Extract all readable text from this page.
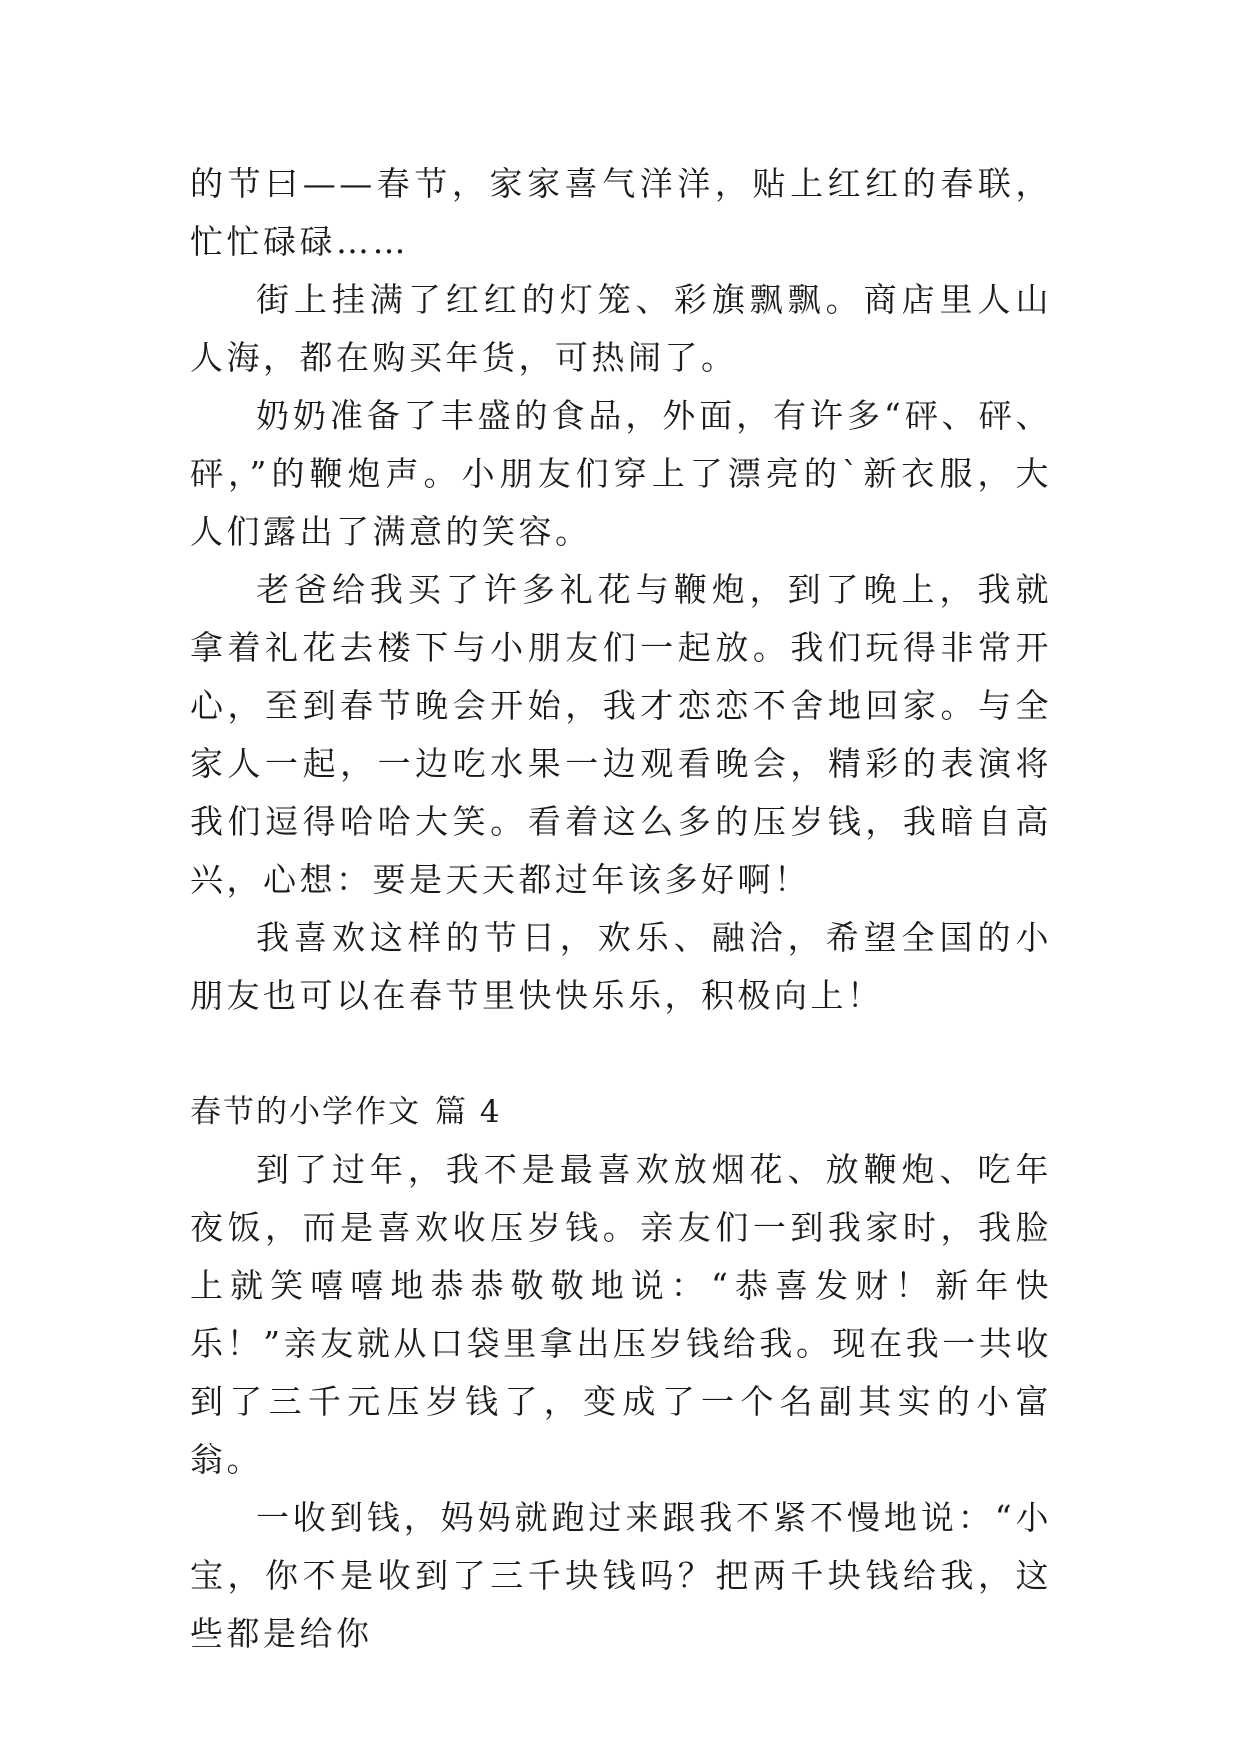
的节曰——春节，家家喜气洋洋，贴上红红的春联，忙忙碌碌……

街上挂满了红红的灯笼、彩旗飘飘。商店里人山人海，都在购买年货，可热闹了。

奶奶准备了丰盛的食品，外面，有许多“砰、砰、砰，”的鞭炮声。小朋友们穿上了漂亮的`新衣服，大人们露出了满意的笑容。

老爸给我买了许多礼花与鞭炮，到了晚上，我就拿着礼花去楼下与小朋友们一起放。我们玩得非常开心，至到春节晚会开始，我才恋恋不舍地回家。与全家人一起，一边吃水果一边观看晚会，精彩的表演将我们逗得哈哈大笑。看着这么多的压岁钱，我暗自高兴，心想：要是天天都过年该多好啊！

我喜欢这样的节日，欢乐、融洽，希望全国的小朋友也可以在春节里快快乐乐，积极向上！

春节的小学作文 篇 4

到了过年，我不是最喜欢放烟花、放鞭炮、吃年夜饭，而是喜欢收压岁钱。亲友们一到我家时，我脸上就笑嘻嘻地恭恭敬敬地说：“恭喜发财！新年快乐！”亲友就从口袋里拿出压岁钱给我。现在我一共收到了三千元压岁钱了，变成了一个名副其实的小富翁。

一收到钱，妈妈就跑过来跟我不紧不慢地说：“小宝，你不是收到了三千块钱吗？把两千块钱给我，这些都是给你
